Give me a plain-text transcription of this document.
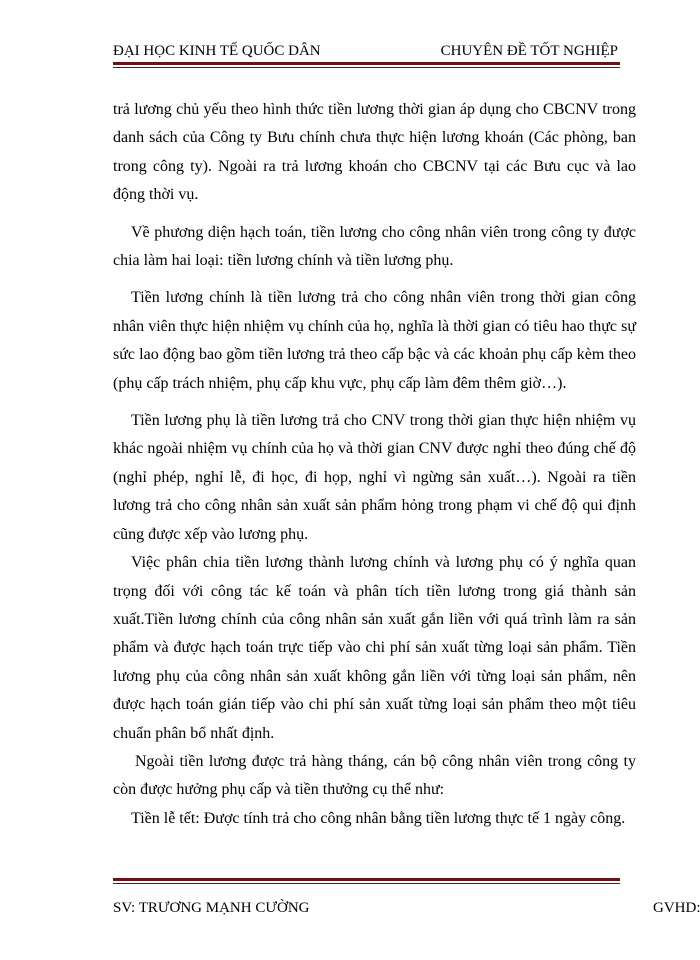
ĐẠI HỌC KINH TẾ QUỐC DÂN	CHUYÊN ĐỀ TỐT NGHIỆP

trả lương chủ yếu theo hình thức tiền lương thời gian áp dụng cho CBCNV trong danh sách của Công ty Bưu chính chưa thực hiện lương khoán (Các phòng, ban trong công ty). Ngoài ra trả lương khoán cho CBCNV tại các Bưu cục và lao động thời vụ.

Về phương diện hạch toán, tiền lương cho công nhân viên trong công ty được chia làm hai loại: tiền lương chính và tiền lương phụ.

Tiền lương chính là tiền lương trả cho công nhân viên trong thời gian công nhân viên thực hiện nhiệm vụ chính của họ, nghĩa là thời gian có tiêu hao thực sự sức lao động bao gồm tiền lương trả theo cấp bậc và các khoản phụ cấp kèm theo (phụ cấp trách nhiệm, phụ cấp khu vực, phụ cấp làm đêm thêm giờ…).

Tiền lương phụ là tiền lương trả cho CNV trong thời gian thực hiện nhiệm vụ khác ngoài nhiệm vụ chính của họ và thời gian CNV được nghỉ theo đúng chế độ (nghỉ phép, nghỉ lễ, đi học, đi họp, nghỉ vì ngừng sản xuất…). Ngoài ra tiền lương trả cho công nhân sản xuất sản phẩm hỏng trong phạm vi chế độ qui định cũng được xếp vào lương phụ.

Việc phân chia tiền lương thành lương chính và lương phụ có ý nghĩa quan trọng đối với công tác kế toán và phân tích tiền lương trong giá thành sản xuất.Tiền lương chính của công nhân sản xuất gắn liền với quá trình làm ra sản phẩm và được hạch toán trực tiếp vào chi phí sản xuất từng loại sản phẩm. Tiền lương phụ của công nhân sản xuất không gắn liền với từng loại sản phẩm, nên được hạch toán gián tiếp vào chi phí sản xuất từng loại sản phẩm theo một tiêu chuẩn phân bổ nhất định.

Ngoài tiền lương được trả hàng tháng, cán bộ công nhân viên trong công ty còn được hưởng phụ cấp và tiền thưởng cụ thể như:

Tiền lễ tết: Được tính trả cho công nhân bằng tiền lương thực tế 1 ngày công.

SV: TRƯƠNG MẠNH CƯỜNG	GVHD:
